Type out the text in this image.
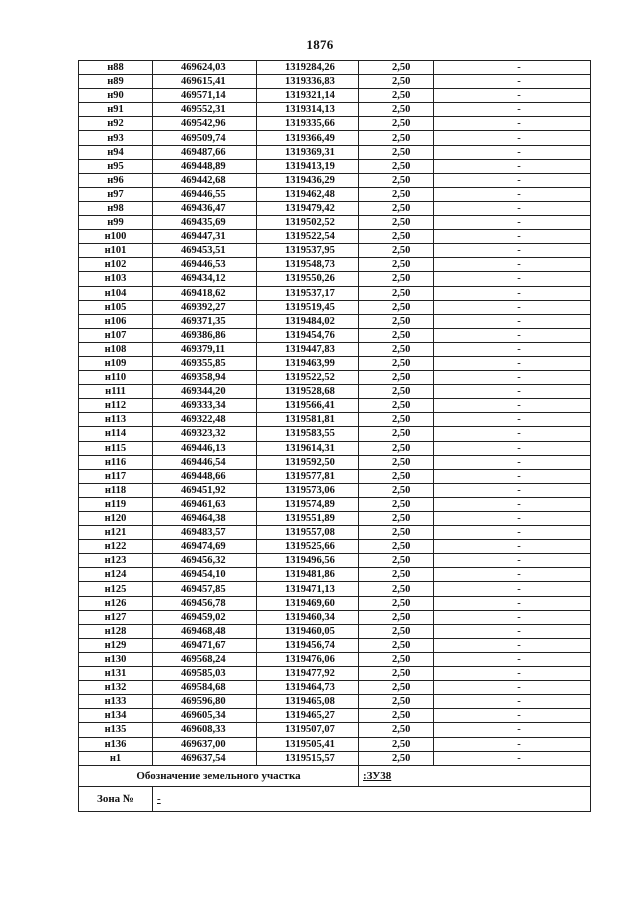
1876
н88	469624,03	1319284,26	2,50	-
н89	469615,41	1319336,83	2,50	-
н90	469571,14	1319321,14	2,50	-
н91	469552,31	1319314,13	2,50	-
н92	469542,96	1319335,66	2,50	-
н93	469509,74	1319366,49	2,50	-
н94	469487,66	1319369,31	2,50	-
н95	469448,89	1319413,19	2,50	-
н96	469442,68	1319436,29	2,50	-
н97	469446,55	1319462,48	2,50	-
н98	469436,47	1319479,42	2,50	-
н99	469435,69	1319502,52	2,50	-
н100	469447,31	1319522,54	2,50	-
н101	469453,51	1319537,95	2,50	-
н102	469446,53	1319548,73	2,50	-
н103	469434,12	1319550,26	2,50	-
н104	469418,62	1319537,17	2,50	-
н105	469392,27	1319519,45	2,50	-
н106	469371,35	1319484,02	2,50	-
н107	469386,86	1319454,76	2,50	-
н108	469379,11	1319447,83	2,50	-
н109	469355,85	1319463,99	2,50	-
н110	469358,94	1319522,52	2,50	-
н111	469344,20	1319528,68	2,50	-
н112	469333,34	1319566,41	2,50	-
н113	469322,48	1319581,81	2,50	-
н114	469323,32	1319583,55	2,50	-
н115	469446,13	1319614,31	2,50	-
н116	469446,54	1319592,50	2,50	-
н117	469448,66	1319577,81	2,50	-
н118	469451,92	1319573,06	2,50	-
н119	469461,63	1319574,89	2,50	-
н120	469464,38	1319551,89	2,50	-
н121	469483,57	1319557,08	2,50	-
н122	469474,69	1319525,66	2,50	-
н123	469456,32	1319496,56	2,50	-
н124	469454,10	1319481,86	2,50	-
н125	469457,85	1319471,13	2,50	-
н126	469456,78	1319469,60	2,50	-
н127	469459,02	1319460,34	2,50	-
н128	469468,48	1319460,05	2,50	-
н129	469471,67	1319456,74	2,50	-
н130	469568,24	1319476,06	2,50	-
н131	469585,03	1319477,92	2,50	-
н132	469584,68	1319464,73	2,50	-
н133	469596,80	1319465,08	2,50	-
н134	469605,34	1319465,27	2,50	-
н135	469608,33	1319507,07	2,50	-
н136	469637,00	1319505,41	2,50	-
н1	469637,54	1319515,57	2,50	-
Обозначение земельного участка			:ЗУ38	
Зона №	-			
